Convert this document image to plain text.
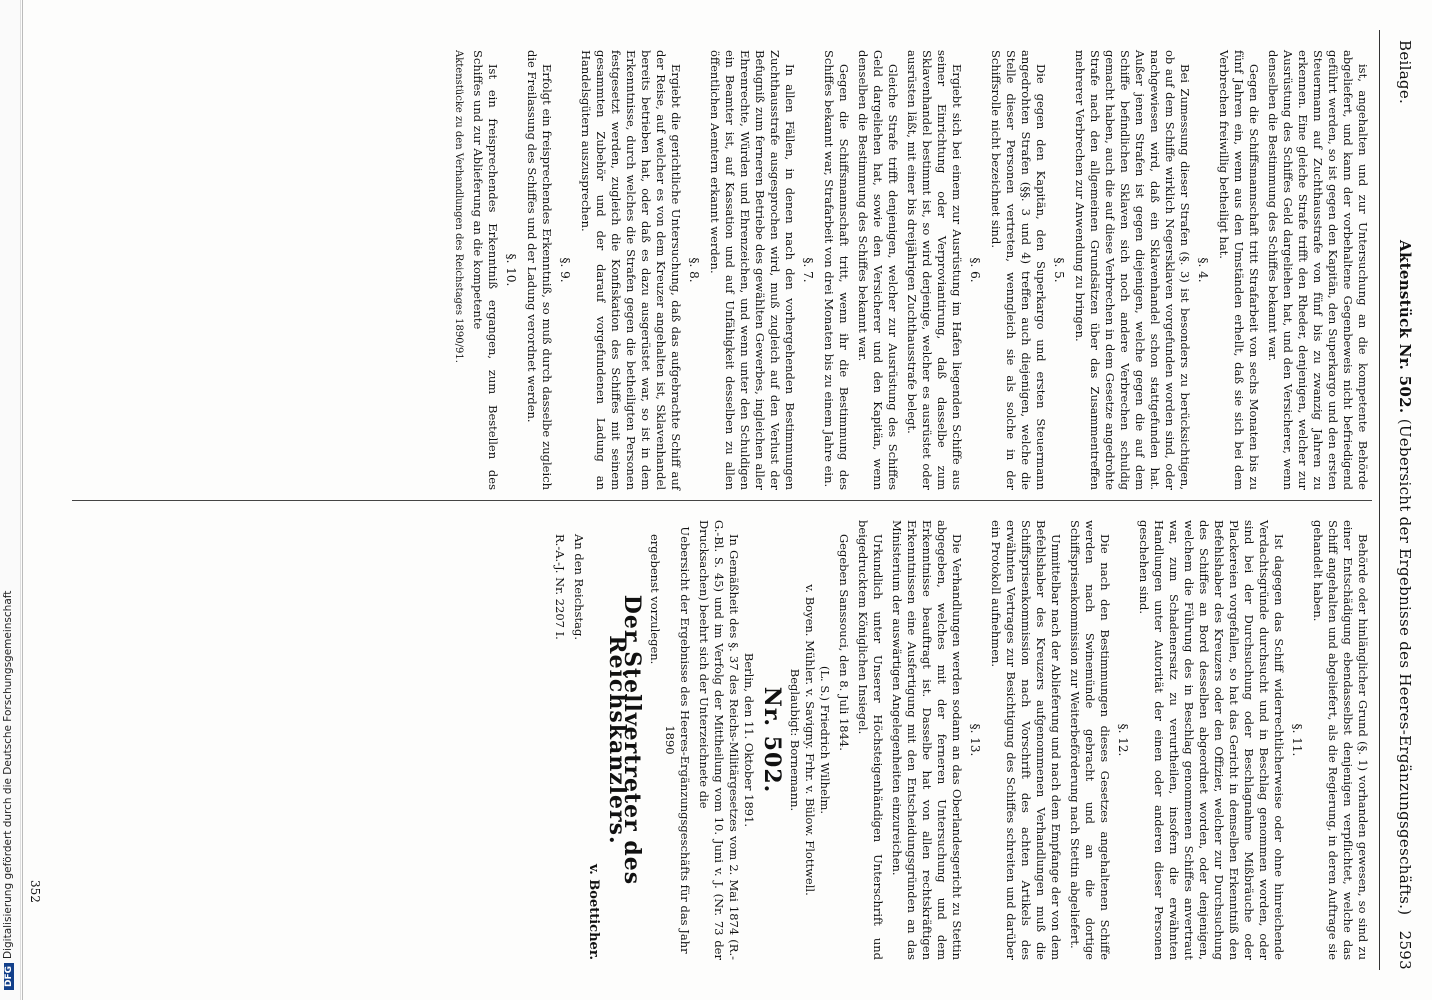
DFGDigitalisierung gefördert durch die Deutsche Forschungsgemeinschaft
Beilage.
Aktenstück Nr. 502.
(Uebersicht der Ergebnisse des Heeres-Ergänzungsgeschäfts.)   2593
ist, angehalten und zur Untersuchung an die kompetente Behörde abgeliefert, und kann der vorbehaltene Gegenbeweis nicht befriedigend geführt werden, so ist gegen den Kapitän, den Superkargo und den ersten Steuermann auf Zuchthausstrafe von fünf bis zu zwanzig Jahren zu erkennen. Eine gleiche Strafe trifft den Rheder, denjenigen, welcher zur Ausrüstung des Schiffes Geld dargeliehen hat, und den Versicherer, wenn denselben die Bestimmung des Schiffes bekannt war.
Gegen die Schiffsmannschaft tritt Strafarbeit von sechs Monaten bis zu fünf Jahren ein, wenn aus den Umständen erhellt, daß sie sich bei dem Verbrechen freiwillig betheiligt hat.
§. 4.
Bei Zumessung dieser Strafen (§. 3) ist besonders zu berücksichtigen, ob auf dem Schiffe wirklich Negersklaven vorgefunden worden sind, oder nachgewiesen wird, daß ein Sklavenhandel schon stattgefunden hat. Außer jenen Strafen ist gegen diejenigen, welche gegen die auf dem Schiffe befindlichen Sklaven sich noch andere Verbrechen schuldig gemacht haben, auch die auf diese Verbrechen in dem Gesetze angedrohte Strafe nach den allgemeinen Grundsätzen über das Zusammentreffen mehrerer Verbrechen zur Anwendung zu bringen.
§. 5.
Die gegen den Kapitän, den Superkargo und ersten Steuermann angedrohten Strafen (§§. 3 und 4) treffen auch diejenigen, welche die Stelle dieser Personen vertreten, wenngleich sie als solche in der Schiffsrolle nicht bezeichnet sind.
§. 6.
Ergiebt sich bei einem zur Ausrüstung im Hafen liegenden Schiffe aus seiner Einrichtung oder Verproviantirung, daß dasselbe zum Sklavenhandel bestimmt ist, so wird derjenige, welcher es ausrüstet oder ausrüsten läßt, mit einer bis dreijährigen Zuchthausstrafe belegt.
Gleiche Strafe trifft denjenigen, welcher zur Ausrüstung des Schiffes Geld dargeliehen hat, sowie den Versicherer und den Kapitän, wenn denselben die Bestimmung des Schiffes bekannt war.
Gegen die Schiffsmannschaft tritt, wenn ihr die Bestimmung des Schiffes bekannt war, Strafarbeit von drei Monaten bis zu einem Jahre ein.
§. 7.
In allen Fällen, in denen nach den vorhergehenden Bestimmungen Zuchthausstrafe ausgesprochen wird, muß zugleich auf den Verlust der Befugniß zum ferneren Betriebe des gewählten Gewerbes, ingleichen aller Ehrenrechte, Würden und Ehrenzeichen, und wenn unter den Schuldigen ein Beamter ist, auf Kassation und auf Unfähigkeit desselben zu allen öffentlichen Aemtern erkannt werden.
§. 8.
Ergiebt die gerichtliche Untersuchung, daß das aufgebrachte Schiff auf der Reise, auf welcher es von dem Kreuzer angehalten ist, Sklavenhandel bereits betrieben hat, oder daß es dazu ausgerüstet war, so ist in dem Erkenntnisse, durch welches die Strafen gegen die betheiligten Personen festgesetzt werden, zugleich die Konfiskation des Schiffes mit seinem gesammten Zubehör und der darauf vorgefundenen Ladung an Handelsgütern auszusprechen.
§. 9.
Erfolgt ein freisprechendes Erkenntniß, so muß durch dasselbe zugleich die Freilassung des Schiffes und der Ladung verordnet werden.
§. 10.
Ist ein freisprechendes Erkenntniß ergangen, zum Bestellen des Schiffes und zur Ablieferung an die kompetente
Aktenstücke zu den Verhandlungen des Reichstages 1890/91.
Behörde oder hinlänglicher Grund (§. 1) vorhanden gewesen, so sind zu einer Entschädigung ebendasselbst denjenigen verpflichtet, welche das Schiff angehalten und abgeliefert, als die Regierung, in deren Auftrage sie gehandelt haben.
§. 11.
Ist dagegen das Schiff widerrechtlicherweise oder ohne hinreichende Verdachtsgründe durchsucht und in Beschlag genommen worden, oder sind bei der Durchsuchung oder Beschlagnahme Mißbräuche oder Plackereien vorgefallen, so hat das Gericht in demselben Erkenntniß den Befehlshaber des Kreuzers oder den Offizier, welcher zur Durchsuchung des Schiffes an Bord desselben abgeordnet worden, oder denjenigen, welchem die Führung des in Beschlag genommenen Schiffes anvertraut war, zum Schadenersatz zu verurtheilen, insofern die erwähnten Handlungen unter Autorität der einen oder anderen dieser Personen geschehen sind.
§. 12.
Die nach den Bestimmungen dieses Gesetzes angehaltenen Schiffe werden nach Swinemünde gebracht und an die dortige Schiffsprisenkommission zur Weiterbeförderung nach Stettin abgeliefert.
Unmittelbar nach der Ablieferung und nach dem Empfange der von dem Befehlshaber des Kreuzers aufgenommenen Verhandlungen muß die Schiffsprisenkommission nach Vorschrift des achten Artikels des erwähnten Vertrages zur Besichtigung des Schiffes schreiten und darüber ein Protokoll aufnehmen.
§. 13.
Die Verhandlungen werden sodann an das Oberlandesgericht zu Stettin abgegeben, welches mit der ferneren Untersuchung und dem Erkenntnisse beauftragt ist. Dasselbe hat von allen rechtskräftigen Erkenntnissen eine Ausfertigung mit den Entscheidungsgründen an das Ministerium der auswärtigen Angelegenheiten einzureichen.
Urkundlich unter Unserer Höchsteigenhändigen Unterschrift und beigedrucktem Königlichen Insiegel.
Gegeben Sanssouci, den 8. Juli 1844.
(L. S.) Friedrich Wilhelm.
v. Boyen. Mühler. v. Savigny. Frhr. v. Bülow. Flottwell.
Beglaubigt: Bornemann.
Nr. 502.
Berlin, den 11. Oktober 1891.
In Gemäßheit des §. 37 des Reichs-Militärgesetzes vom 2. Mai 1874 (R.-G.-Bl. S. 45) und im Verfolg der Mittheilung vom 10. Juni v. J. (Nr. 73 der Drucksachen) beehrt sich der Unterzeichnete die
Uebersicht der Ergebnisse des Heeres-Ergänzungsgeschäfts für das Jahr 1890
ergebenst vorzulegen.
Der Stellvertreter des Reichskanzlers.
v. Boetticher.
An den Reichstag.
R.-A.-J. Nr. 2207 I.
352
